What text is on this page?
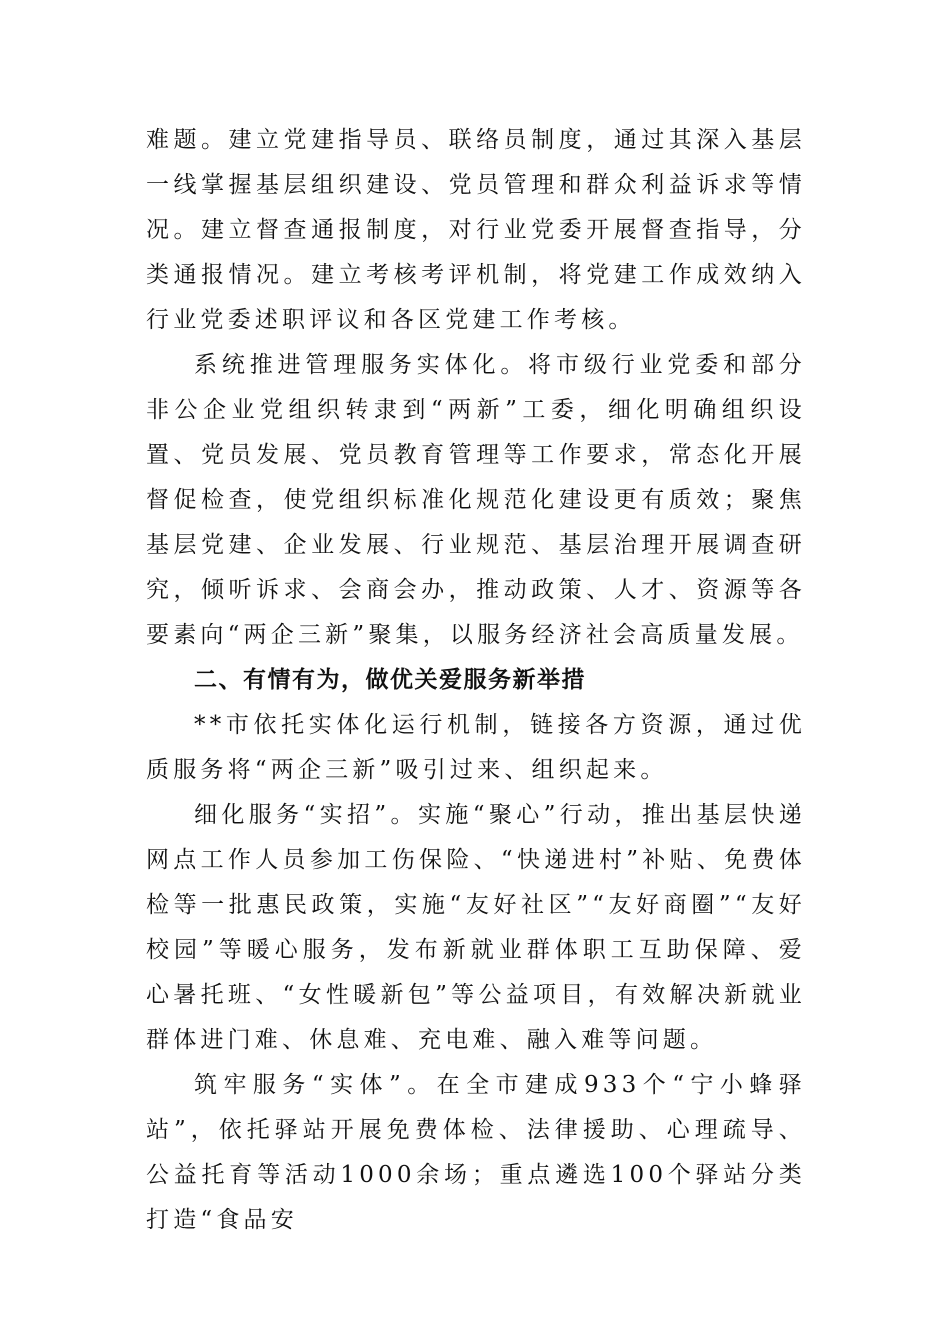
难题。建立党建指导员、联络员制度，通过其深入基层一线掌握基层组织建设、党员管理和群众利益诉求等情况。建立督查通报制度，对行业党委开展督查指导，分类通报情况。建立考核考评机制，将党建工作成效纳入行业党委述职评议和各区党建工作考核。

系统推进管理服务实体化。将市级行业党委和部分非公企业党组织转隶到“两新”工委，细化明确组织设置、党员发展、党员教育管理等工作要求，常态化开展督促检查，使党组织标准化规范化建设更有质效；聚焦基层党建、企业发展、行业规范、基层治理开展调查研究，倾听诉求、会商会办，推动政策、人才、资源等各要素向“两企三新”聚集，以服务经济社会高质量发展。

二、有情有为，做优关爱服务新举措

**市依托实体化运行机制，链接各方资源，通过优质服务将“两企三新”吸引过来、组织起来。

细化服务“实招”。实施“聚心”行动，推出基层快递网点工作人员参加工伤保险、“快递进村”补贴、免费体检等一批惠民政策，实施“友好社区”“友好商圈”“友好校园”等暖心服务，发布新就业群体职工互助保障、爱心暑托班、“女性暖新包”等公益项目，有效解决新就业群体进门难、休息难、充电难、融入难等问题。

筑牢服务“实体”。在全市建成933个“宁小蜂驿站”，依托驿站开展免费体检、法律援助、心理疏导、公益托育等活动1000余场；重点遴选100个驿站分类打造“食品安
